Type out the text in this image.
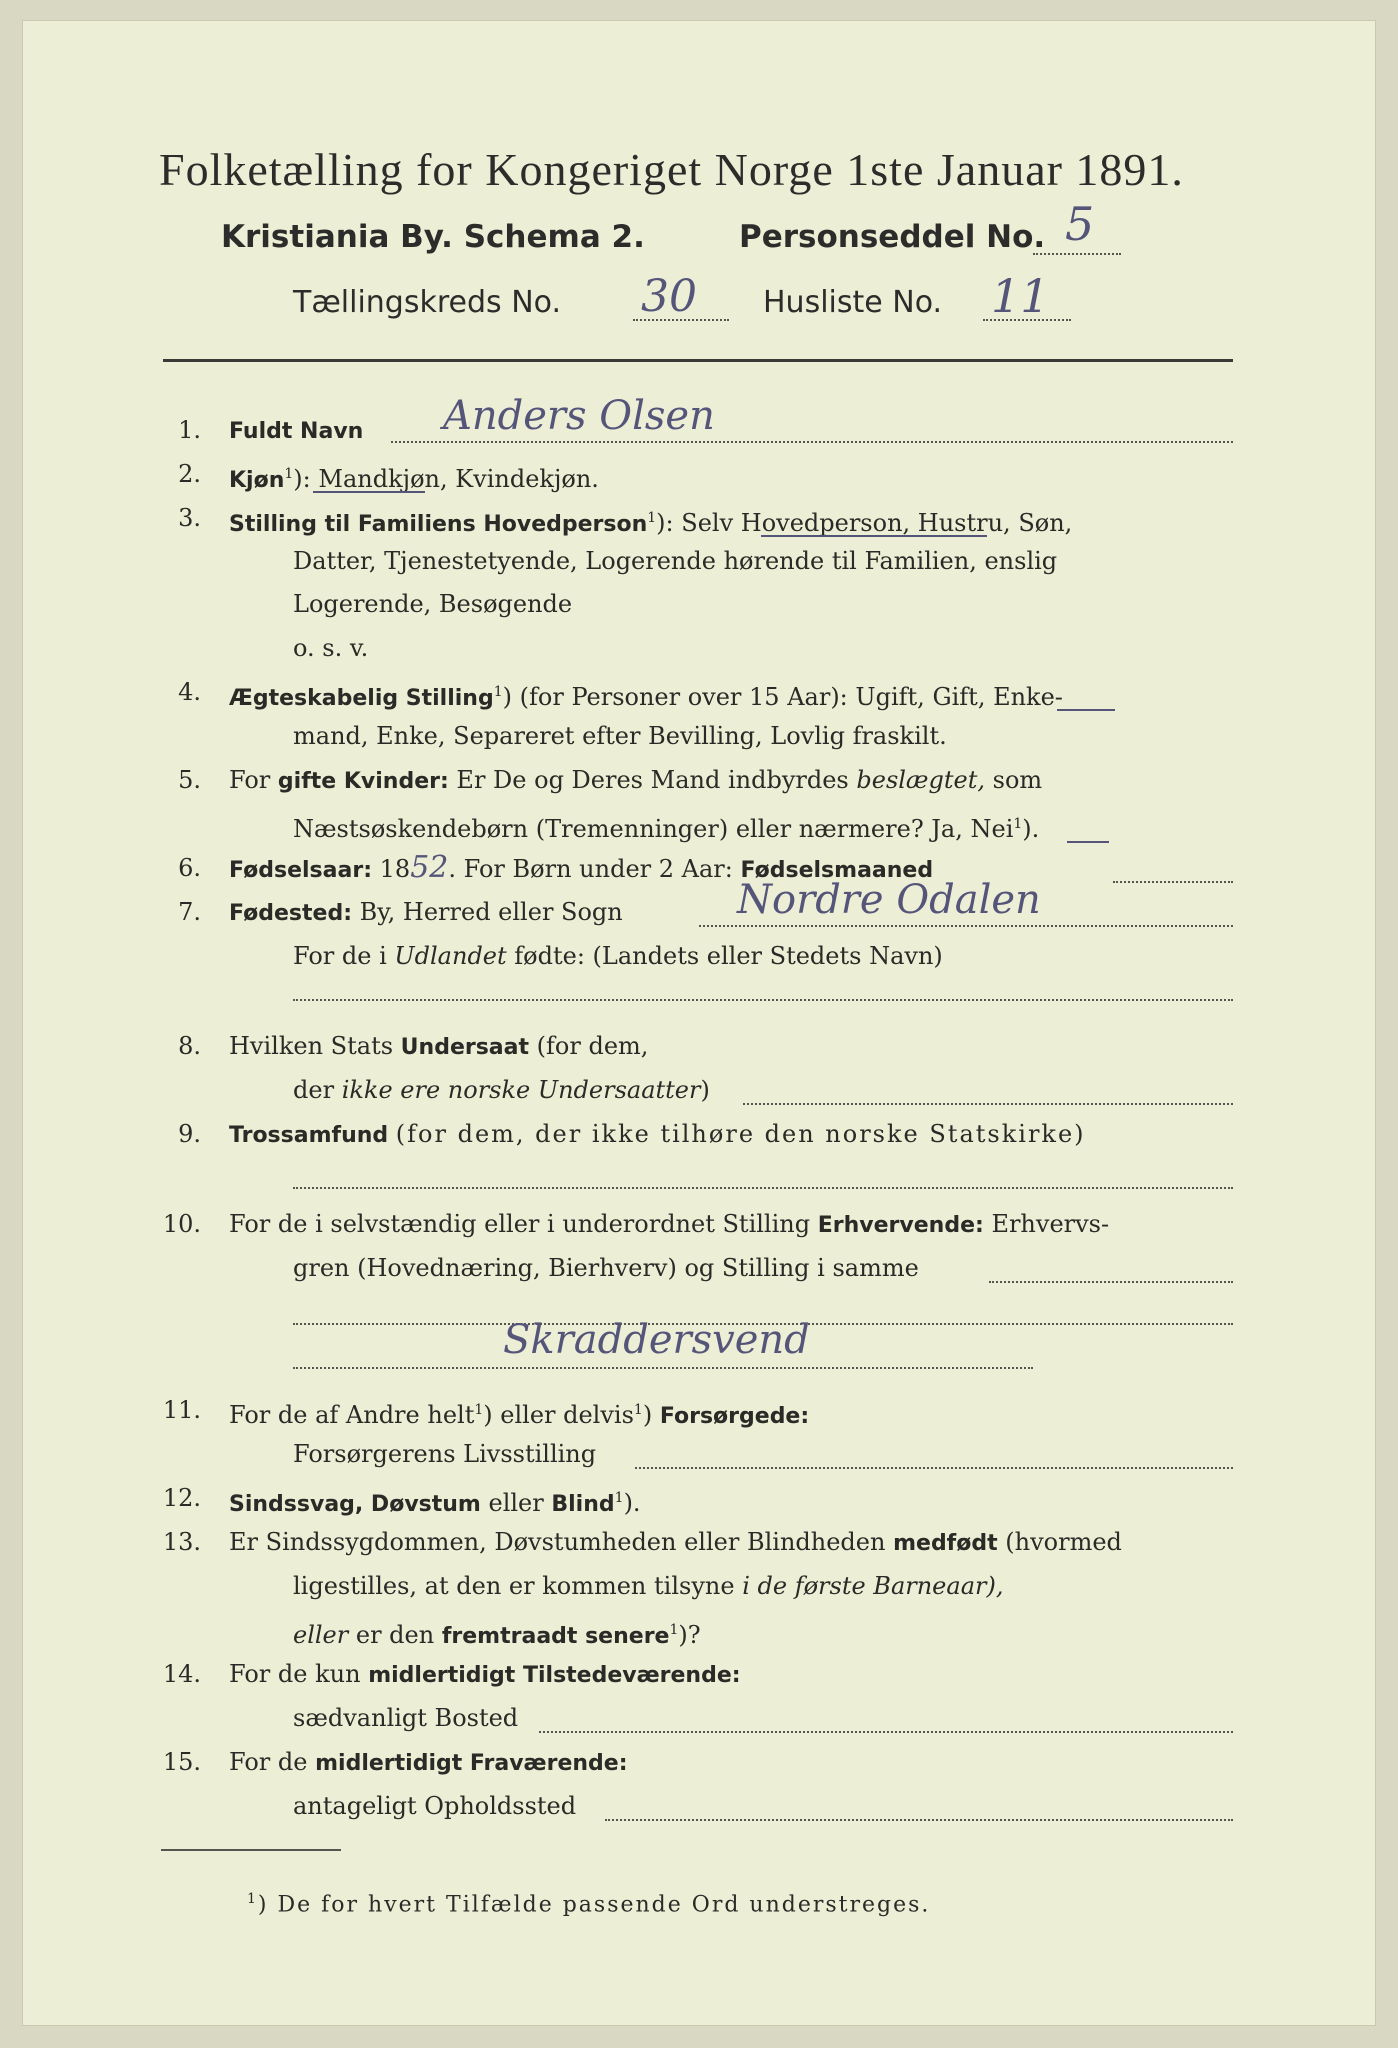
Folketælling for Kongeriget Norge 1ste Januar 1891.
Kristiania By. Schema 2.	Personseddel No. 5
Tællingskreds No. 30 Husliste No. 11
1. Fuldt Navn Anders Olsen
2. Kjøn$^1$): Mandkjøn, Kvindekjøn.
3. Stilling til Familiens Hovedperson$^1$): Selv Hovedperson, Hustru, Søn,
Datter, Tjenestetyende, Logerende hørende til Familien, enslig
Logerende, Besøgende
o. s. v.
4. Ægteskabelig Stilling$^1$) (for Personer over 15 Aar): Ugift, Gift, Enke-
mand, Enke, Separeret efter Bevilling, Lovlig fraskilt.
5. For gifte Kvinder: Er De og Deres Mand indbyrdes beslægtet, som
Næstsøskendebørn (Tremenninger) eller nærmere? Ja, Nei$^1$).
6. Fødselsaar: 1852. For Børn under 2 Aar: Fødselsmaaned
7. Fødested: By, Herred eller Sogn	Nordre Odalen
For de i Udlandet fødte: (Landets eller Stedets Navn)
8. Hvilken Stats Undersaat (for dem,
der ikke ere norske Undersaatter)
9. Trossamfund (for dem, der ikke tilhøre den norske Statskirke)
10. For de i selvstændig eller i underordnet Stilling Erhvervende: Erhvervs-
gren (Hovednæring, Bierhverv) og Stilling i samme
Skraddersvend
11. For de af Andre helt$^1$) eller delvis$^1$) Forsørgede:
Forsørgerens Livsstilling
12. Sindssvag, Døvstum eller Blind$^1$).
13. Er Sindssygdommen, Døvstumheden eller Blindheden medfødt (hvormed
ligestilles, at den er kommen tilsyne i de første Barneaar),
eller er den fremtraadt senere$^1$)?
14. For de kun midlertidigt Tilstedeværende:
sædvanligt Bosted
15. For de midlertidigt Fraværende:
antageligt Opholdssted
$^1$) De for hvert Tilfælde passende Ord understreges.
